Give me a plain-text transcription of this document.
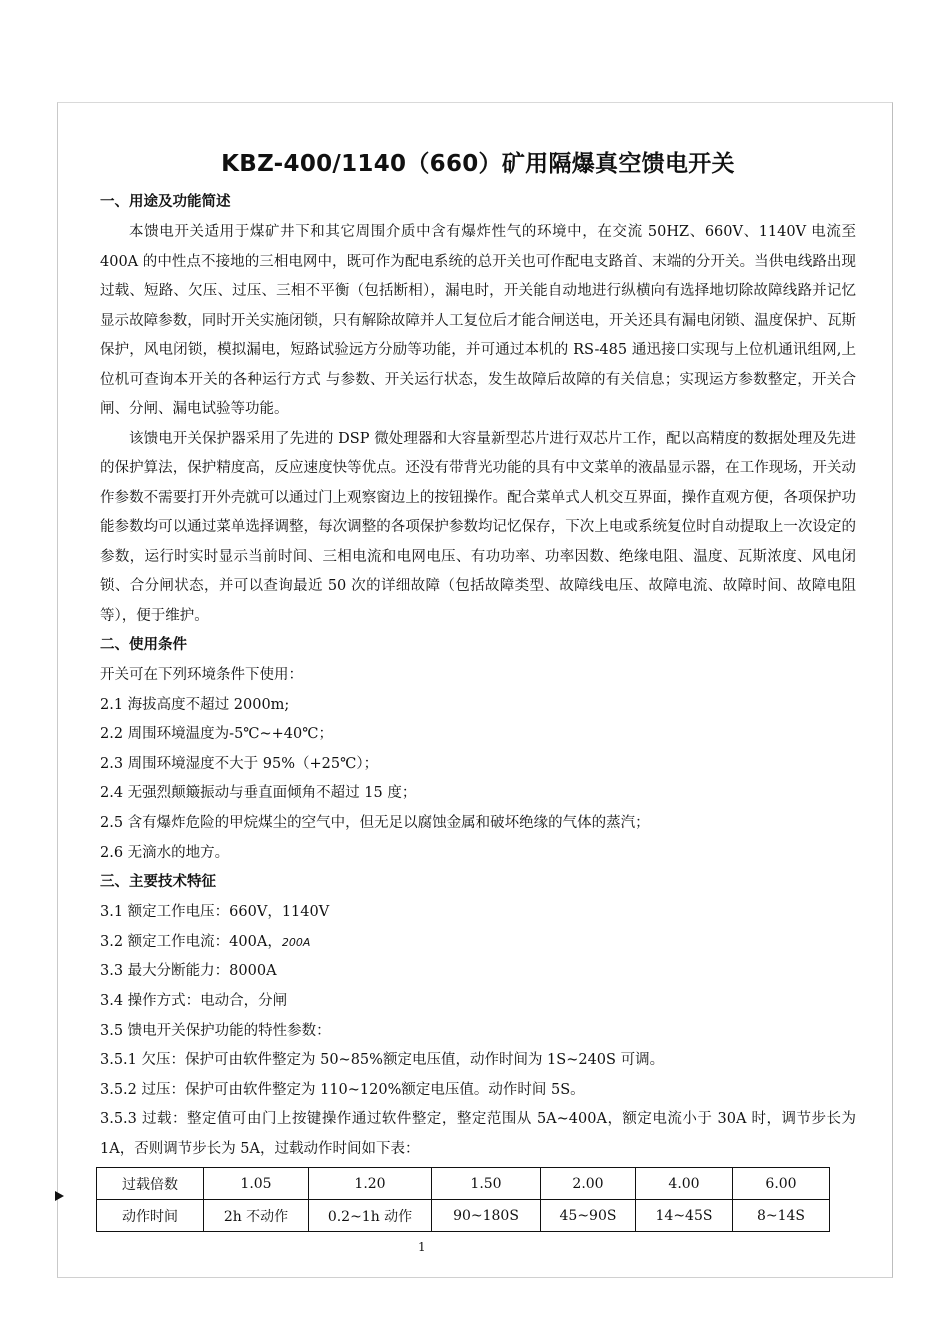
KBZ-400/1140（660）矿用隔爆真空馈电开关
一、用途及功能简述

本馈电开关适用于煤矿井下和其它周围介质中含有爆炸性气的环境中，在交流 50HZ、660V、1140V 电流至 400A 的中性点不接地的三相电网中，既可作为配电系统的总开关也可作配电支路首、末端的分开关。当供电线路出现过载、短路、欠压、过压、三相不平衡（包括断相），漏电时，开关能自动地进行纵横向有选择地切除故障线路并记忆显示故障参数，同时开关实施闭锁，只有解除故障并人工复位后才能合闸送电，开关还具有漏电闭锁、温度保护、瓦斯保护，风电闭锁，模拟漏电，短路试验远方分励等功能，并可通过本机的 RS-485 通迅接口实现与上位机通讯组网,上位机可查询本开关的各种运行方式 与参数、开关运行状态，发生故障后故障的有关信息；实现运方参数整定，开关合闸、分闸、漏电试验等功能。

该馈电开关保护器采用了先进的 DSP 微处理器和大容量新型芯片进行双芯片工作，配以高精度的数据处理及先进的保护算法，保护精度高，反应速度快等优点。还没有带背光功能的具有中文菜单的液晶显示器，在工作现场，开关动作参数不需要打开外壳就可以通过门上观察窗边上的按钮操作。配合菜单式人机交互界面，操作直观方便，各项保护功能参数均可以通过菜单选择调整，每次调整的各项保护参数均记忆保存，下次上电或系统复位时自动提取上一次设定的参数，运行时实时显示当前时间、三相电流和电网电压、有功功率、功率因数、绝缘电阻、温度、瓦斯浓度、风电闭锁、合分闸状态，并可以查询最近 50 次的详细故障（包括故障类型、故障线电压、故障电流、故障时间、故障电阻等），便于维护。

二、使用条件

开关可在下列环境条件下使用：

2.1 海拔高度不超过 2000m;

2.2 周围环境温度为-5℃~+40℃；

2.3 周围环境湿度不大于 95%（+25℃）；

2.4 无强烈颠簸振动与垂直面倾角不超过 15 度；

2.5 含有爆炸危险的甲烷煤尘的空气中，但无足以腐蚀金属和破坏绝缘的气体的蒸汽；

2.6 无滴水的地方。

三、主要技术特征

3.1 额定工作电压：660V，1140V

3.2 额定工作电流：400A，200A

3.3 最大分断能力：8000A

3.4 操作方式：电动合，分闸

3.5 馈电开关保护功能的特性参数：

3.5.1 欠压：保护可由软件整定为 50~85%额定电压值，动作时间为 1S~240S 可调。

3.5.2 过压：保护可由软件整定为 110~120%额定电压值。动作时间 5S。

3.5.3 过载：整定值可由门上按键操作通过软件整定，整定范围从 5A~400A，额定电流小于 30A 时，调节步长为 1A，否则调节步长为 5A，过载动作时间如下表：

过载倍数	1.05	1.20	1.50	2.00	4.00	6.00
动作时间	2h 不动作	0.2~1h 动作	90~180S	45~90S	14~45S	8~14S
1
